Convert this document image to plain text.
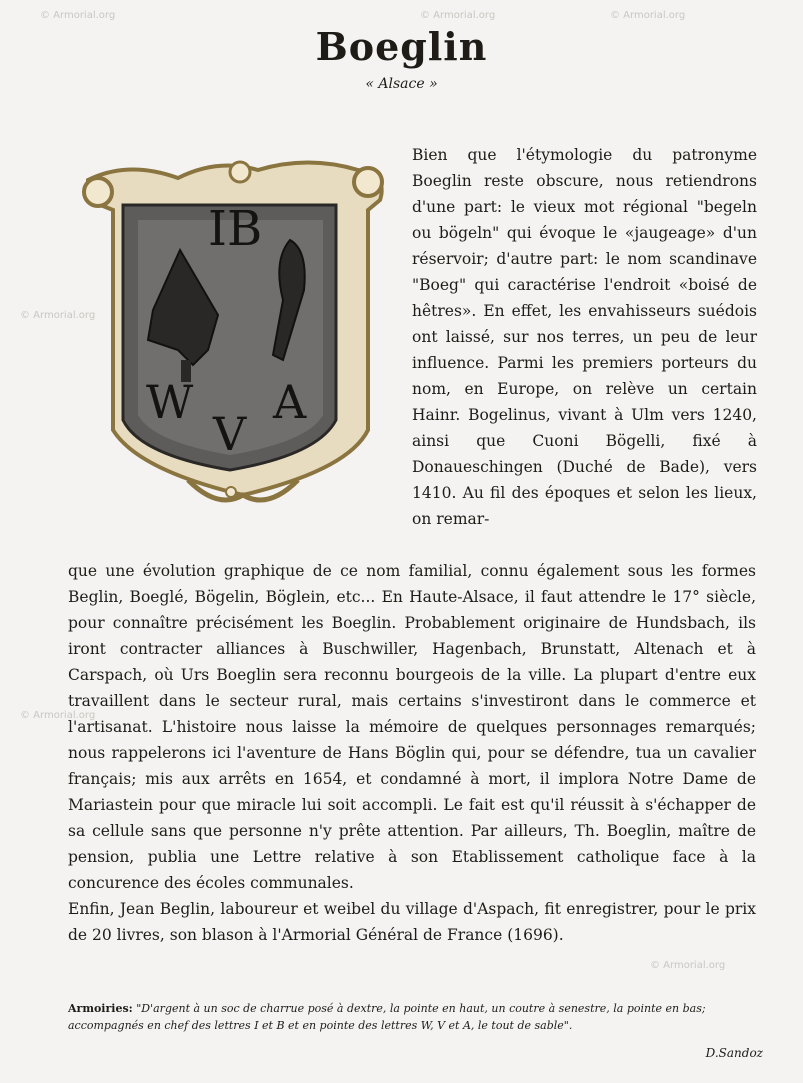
Boeglin
« Alsace »
IB
W
V
A

Bien que l'étymologie du patronyme Boeglin reste obscure, nous retiendrons d'une part: le vieux mot régional "begeln ou bögeln" qui évoque le «jaugeage» d'un réservoir; d'autre part: le nom scandinave "Boeg" qui caractérise l'endroit «boisé de hêtres». En effet, les envahisseurs suédois ont laissé, sur nos terres, un peu de leur influence. Parmi les premiers porteurs du nom, en Europe, on relève un certain Hainr. Bogelinus, vivant à Ulm vers 1240, ainsi que Cuoni Bögelli, fixé à Donaueschingen (Duché de Bade), vers 1410. Au fil des époques et selon les lieux, on remar-

que une évolution graphique de ce nom familial, connu également sous les formes Beglin, Boeglé, Bögelin, Böglein, etc... En Haute-Alsace, il faut attendre le 17° siècle, pour connaître précisément les Boeglin. Probablement originaire de Hundsbach, ils iront contracter alliances à Buschwiller, Hagenbach, Brunstatt, Altenach et à Carspach, où Urs Boeglin sera reconnu bourgeois de la ville. La plupart d'entre eux travaillent dans le secteur rural, mais certains s'investiront dans le commerce et l'artisanat. L'histoire nous laisse la mémoire de quelques personnages remarqués; nous rappelerons ici l'aventure de Hans Böglin qui, pour se défendre, tua un cavalier français; mis aux arrêts en 1654, et condamné à mort, il implora Notre Dame de Mariastein pour que miracle lui soit accompli. Le fait est qu'il réussit à s'échapper de sa cellule sans que personne n'y prête attention. Par ailleurs, Th. Boeglin, maître de pension, publia une Lettre relative à son Etablissement catholique face à la concurence des écoles communales.

Enfin, Jean Beglin, laboureur et weibel du village d'Aspach, fit enregistrer, pour le prix de 20 livres, son blason à l'Armorial Général de France (1696).

Armoiries: "D'argent à un soc de charrue posé à dextre, la pointe en haut, un coutre à senestre, la pointe en bas; accompagnés en chef des lettres I et B et en pointe des lettres W, V et A, le tout de sable".
D.Sandoz
© Armorial.org	© Armorial.org	© Armorial.org
© Armorial.org
© Armorial.org
© Armorial.org
